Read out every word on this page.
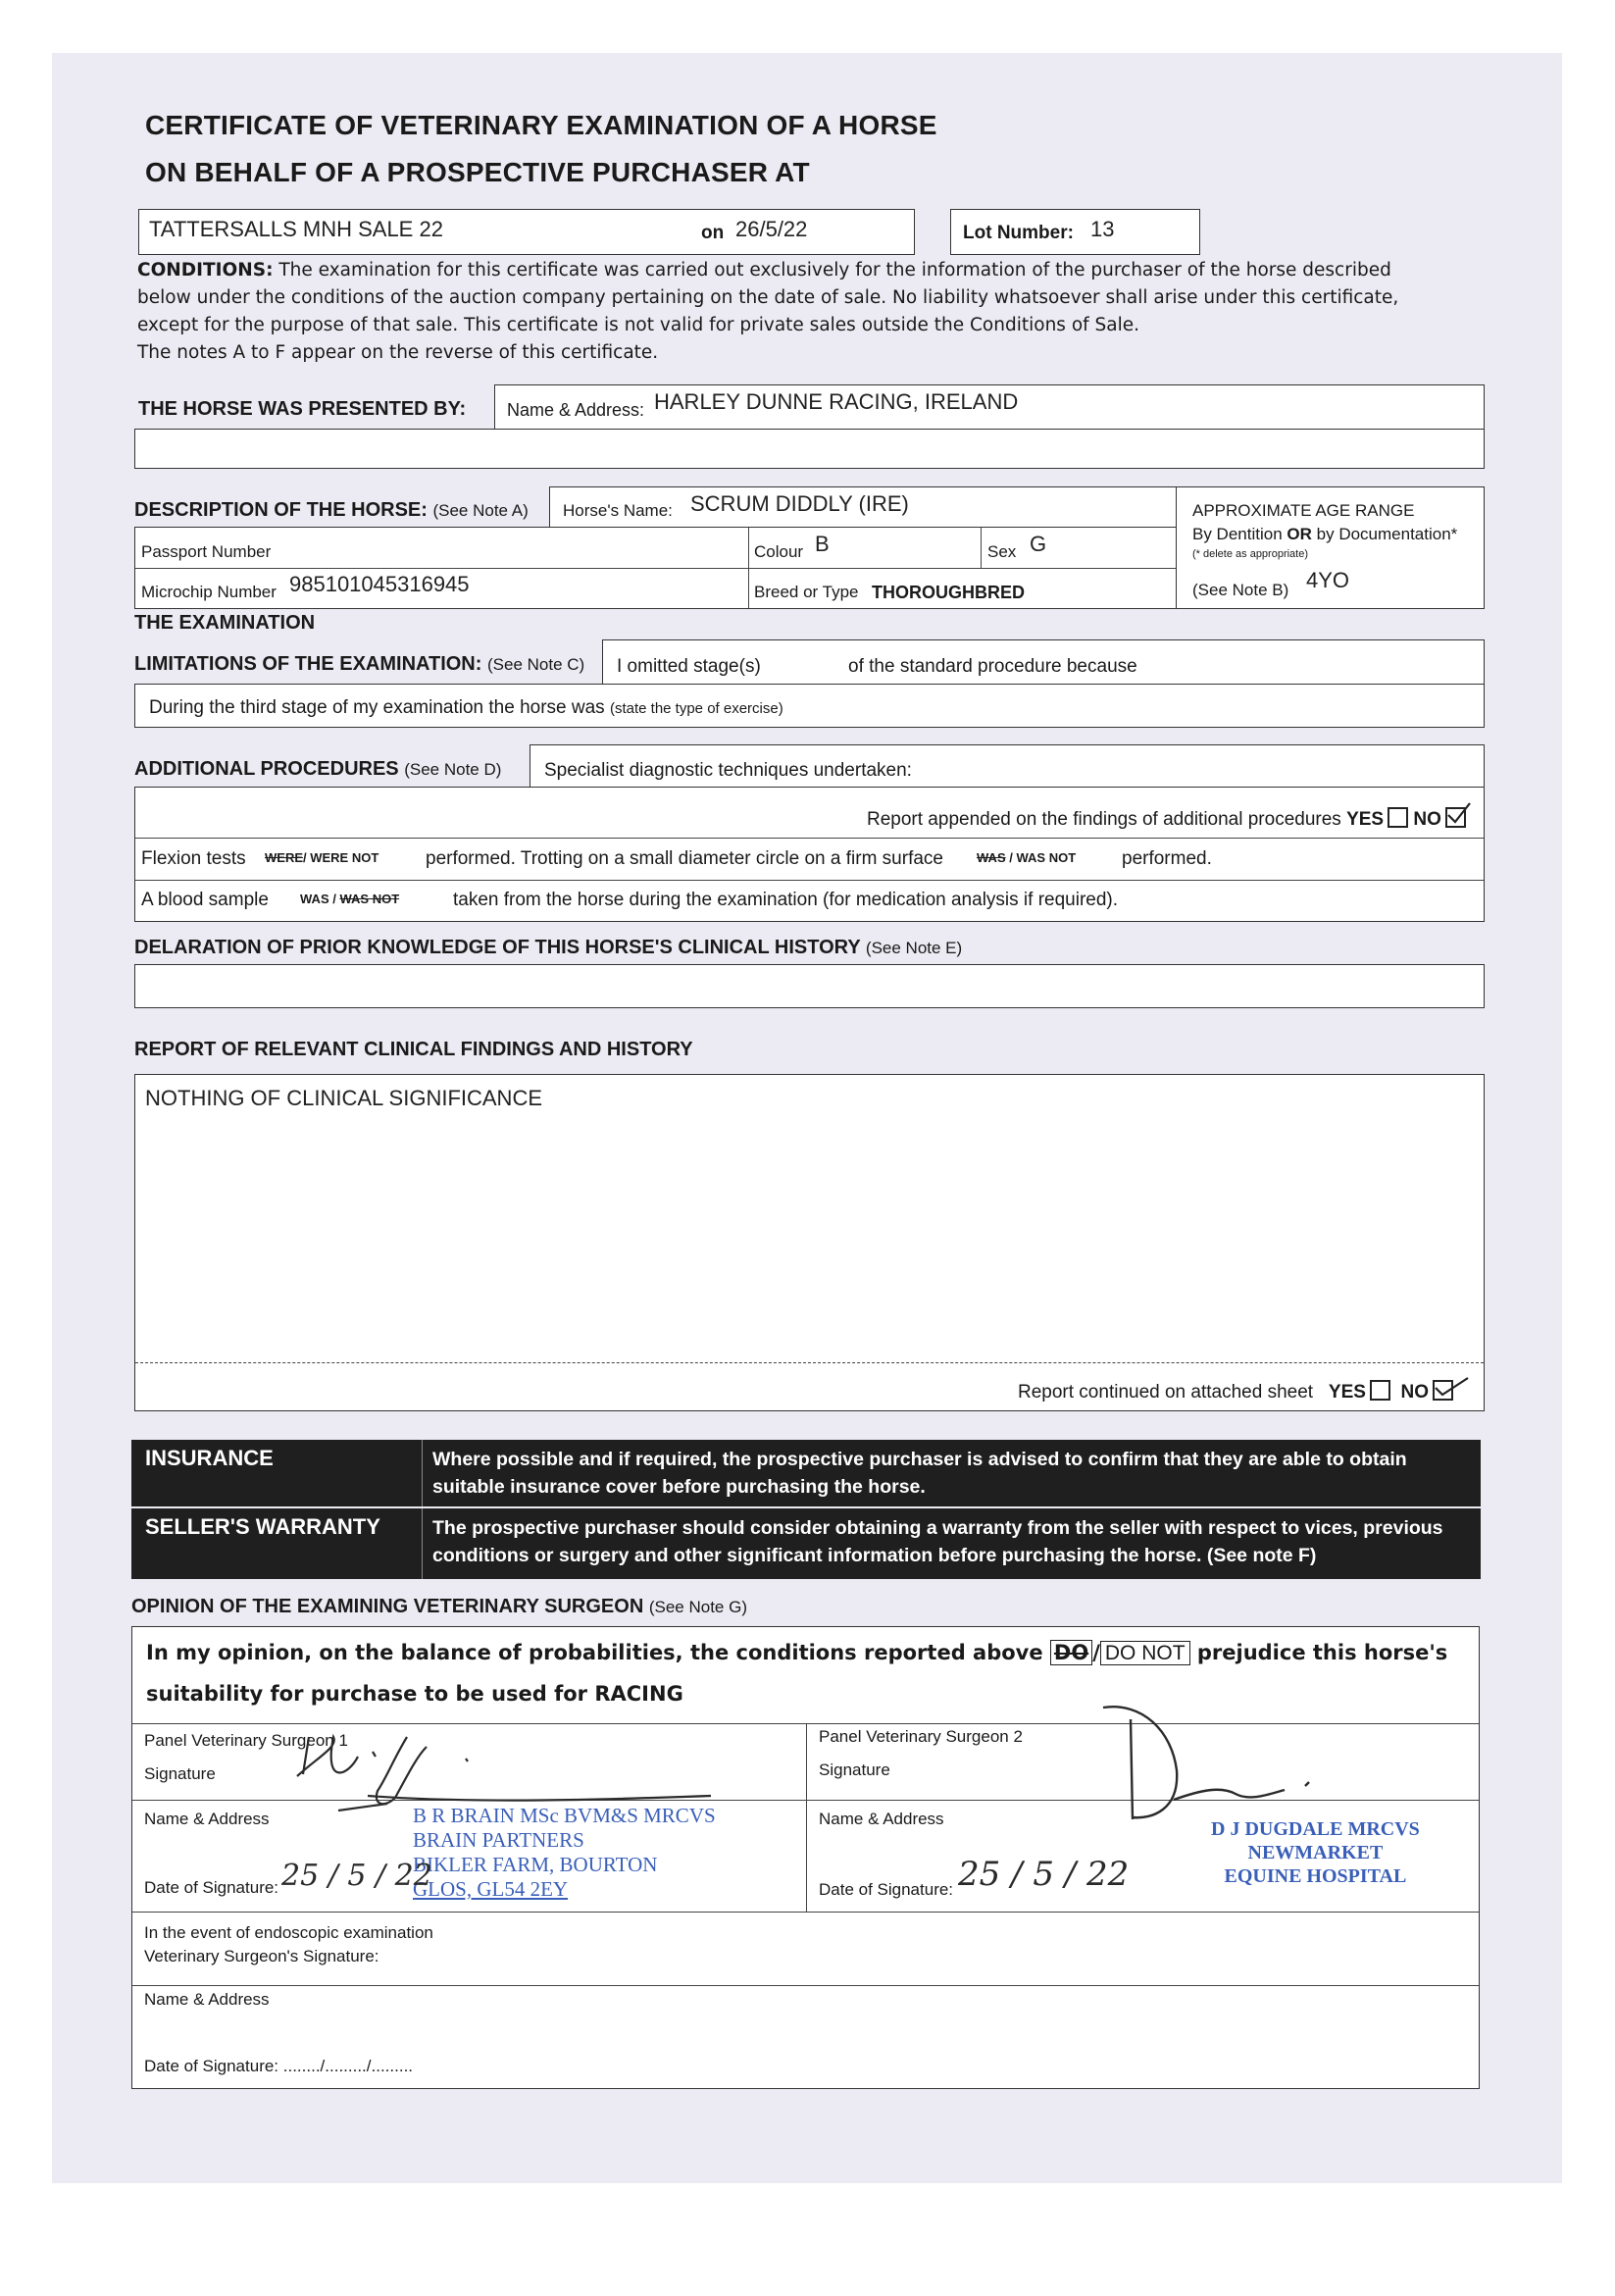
CERTIFICATE OF VETERINARY EXAMINATION OF A HORSE
ON BEHALF OF A PROSPECTIVE PURCHASER AT
TATTERSALLS MNH SALE 22	on 26/5/22	Lot Number: 13
CONDITIONS: The examination for this certificate was carried out exclusively for the information of the purchaser of the horse described
below under the conditions of the auction company pertaining on the date of sale. No liability whatsoever shall arise under this certificate,
except for the purpose of that sale. This certificate is not valid for private sales outside the Conditions of Sale.
The notes A to F appear on the reverse of this certificate.
THE HORSE WAS PRESENTED BY: Name & Address: HARLEY DUNNE RACING, IRELAND
DESCRIPTION OF THE HORSE: (See Note A) Horse's Name: SCRUM DIDDLY (IRE)	APPROXIMATE AGE RANGE
By Dentition OR by Documentation*
(* delete as appropriate)
(See Note B) 4YO
Passport Number	Colour B	Sex G
Microchip Number 985101045316945	Breed or Type THOROUGHBRED
THE EXAMINATION
LIMITATIONS OF THE EXAMINATION: (See Note C) I omitted stage(s)	of the standard procedure because
During the third stage of my examination the horse was (state the type of exercise)
ADDITIONAL PROCEDURES (See Note D) Specialist diagnostic techniques undertaken:
Report appended on the findings of additional procedures YES NO
Flexion tests WERE/ WERE NOT	performed. Trotting on a small diameter circle on a firm surface	WAS / WAS NOT performed.
A blood sample WAS / WAS NOT	taken from the horse during the examination (for medication analysis if required).
DELARATION OF PRIOR KNOWLEDGE OF THIS HORSE'S CLINICAL HISTORY (See Note E)
REPORT OF RELEVANT CLINICAL FINDINGS AND HISTORY
NOTHING OF CLINICAL SIGNIFICANCE
Report continued on attached sheet YES NO
INSURANCE	Where possible and if required, the prospective purchaser is advised to confirm that they are able to obtain suitable insurance cover before purchasing the horse.
SELLER'S WARRANTY	The prospective purchaser should consider obtaining a warranty from the seller with respect to vices, previous conditions or surgery and other significant information before purchasing the horse. (See note F)
OPINION OF THE EXAMINING VETERINARY SURGEON (See Note G)
In my opinion, on the balance of probabilities, the conditions reported above DO / DO NOT prejudice this horse's
suitability for purchase to be used for RACING
Panel Veterinary Surgeon 1
Signature
Name & Address	B R BRAIN MSc BVM&S MRCVS
BRAIN PARTNERS
BIKLER FARM, BOURTON
GLOS, GL54 2EY
Date of Signature: 25 / 5 / 22
Panel Veterinary Surgeon 2
Signature
Name & Address	D J DUGDALE MRCVS
NEWMARKET
EQUINE HOSPITAL
Date of Signature: 25 / 5 / 22
In the event of endoscopic examination
Veterinary Surgeon's Signature:
Name & Address
Date of Signature: ......../........./.........
